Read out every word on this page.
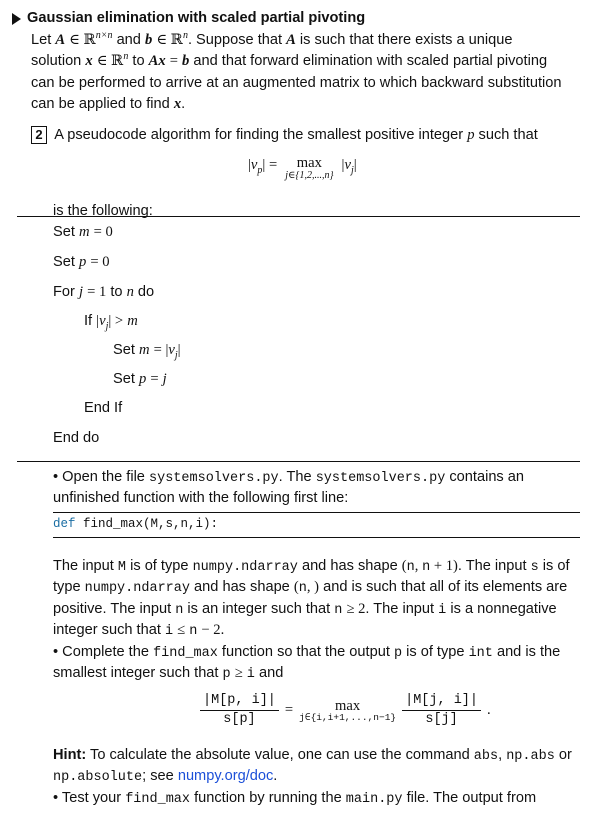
Gaussian elimination with scaled partial pivoting
Let A ∈ ℝ$^{n\times n}$ and b ∈ ℝ$^n$. Suppose that A is such that there exists a unique
solution x ∈ ℝ$^n$ to Ax = b and that forward elimination with scaled partial pivoting
can be performed to arrive at an augmented matrix to which backward substitution
can be applied to find x.
2 A pseudocode algorithm for finding the smallest positive integer p such that
$|v_p|$ =	max
j∈{1,2,...,n}
$|v_j|$
is the following:
Set m = 0
Set p = 0
For j = 1 to n do
If $|v_j| > m$
Set $m = |v_j|$
Set p = j
End If
End do
• Open the file systemsolvers.py. The systemsolvers.py contains an
unfinished function with the following first line:
def find_max(M,s,n,i):
The input M is of type numpy.ndarray and has shape (n, n + 1). The input s is of
type numpy.ndarray and has shape (n, ) and is such that all of its elements are
positive. The input n is an integer such that n ≥ 2. The input i is a nonnegative
integer such that i ≤ n − 2.
• Complete the find_max function so that the output p is of type int and is the
smallest integer such that p ≥ i and
$\frac{|M[p, i]|}{s[p]}$ =	max
j∈{i,i+1,...,n−1} $\frac{|M[j, i]|}{s[j]}$ .
Hint: To calculate the absolute value, one can use the command abs, np.abs or
np.absolute; see numpy.org/doc.
• Test your find_max function by running the main.py file. The output from
